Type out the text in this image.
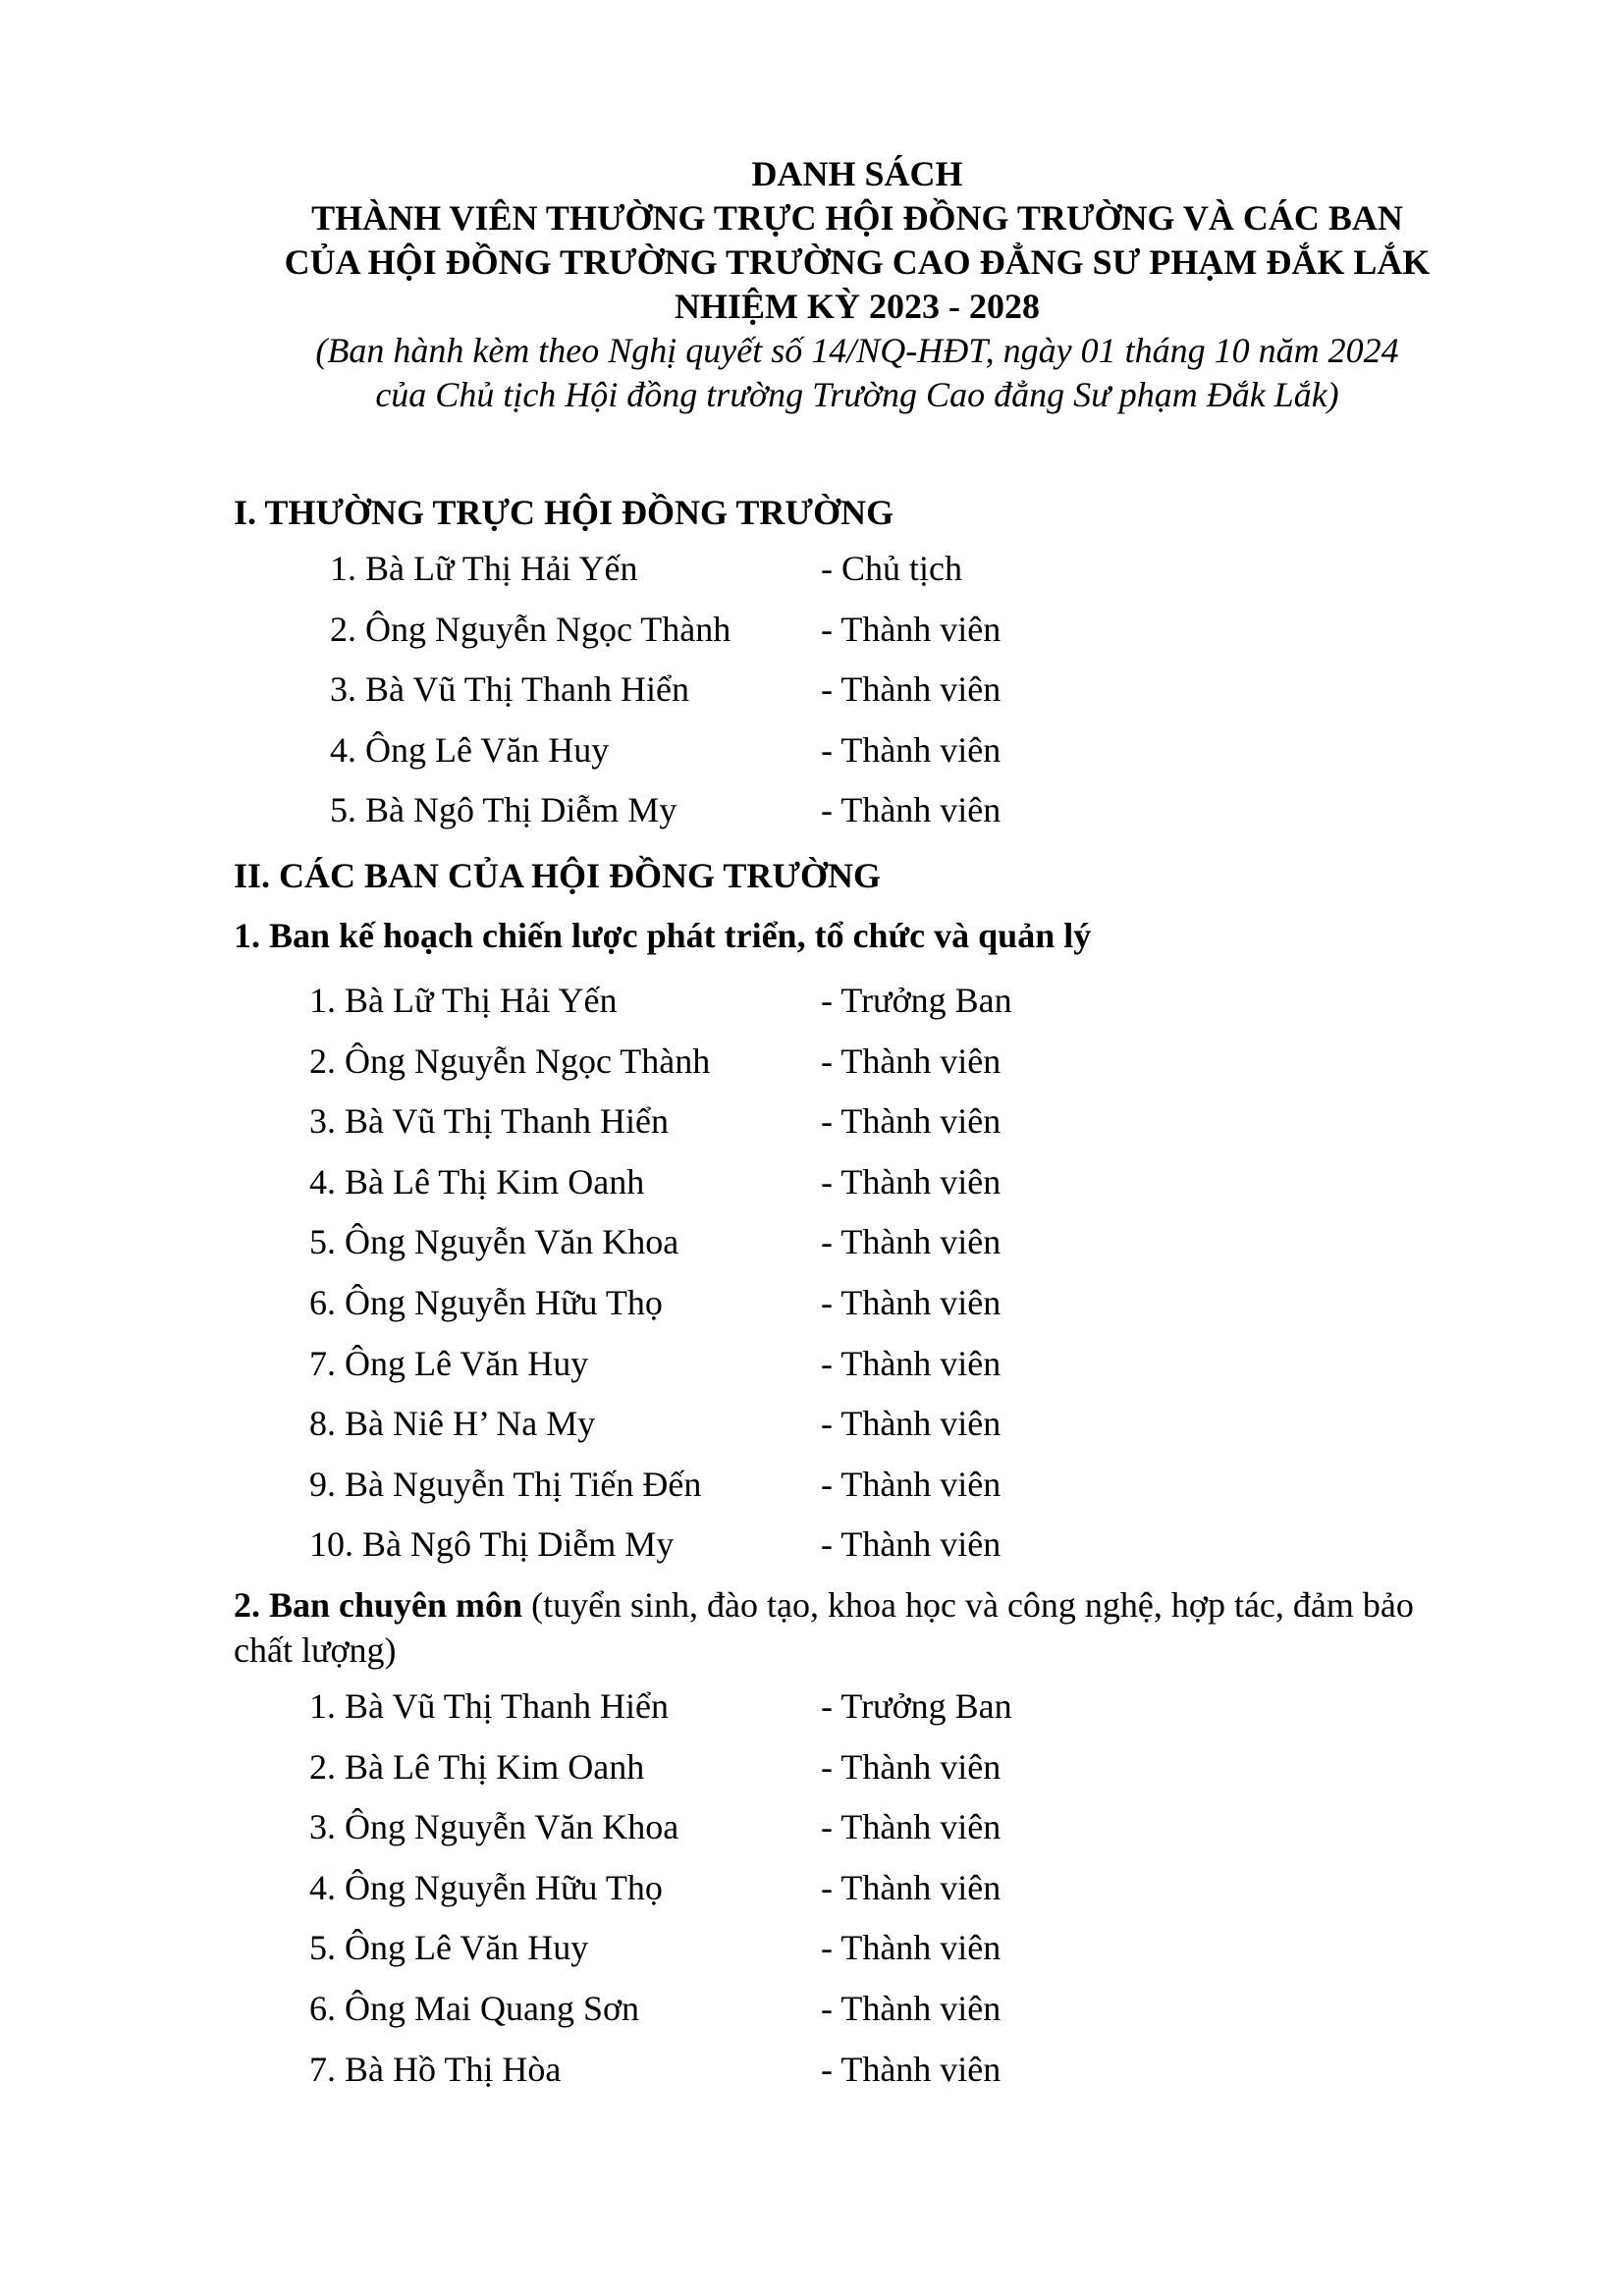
DANH SÁCH
THÀNH VIÊN THƯỜNG TRỰC HỘI ĐỒNG TRƯỜNG VÀ CÁC BAN
CỦA HỘI ĐỒNG TRƯỜNG TRƯỜNG CAO ĐẲNG SƯ PHẠM ĐẮK LẮK
NHIỆM KỲ 2023 - 2028
(Ban hành kèm theo Nghị quyết số 14/NQ-HĐT, ngày 01 tháng 10 năm 2024
của Chủ tịch Hội đồng trường Trường Cao đẳng Sư phạm Đắk Lắk)
I. THƯỜNG TRỰC HỘI ĐỒNG TRƯỜNG
1. Bà Lữ Thị Hải Yến	- Chủ tịch
2. Ông Nguyễn Ngọc Thành	- Thành viên
3. Bà Vũ Thị Thanh Hiển	- Thành viên
4. Ông Lê Văn Huy	- Thành viên
5. Bà Ngô Thị Diễm My	- Thành viên
II. CÁC BAN CỦA HỘI ĐỒNG TRƯỜNG
1. Ban kế hoạch chiến lược phát triển, tổ chức và quản lý
1. Bà Lữ Thị Hải Yến	- Trưởng Ban
2. Ông Nguyễn Ngọc Thành	- Thành viên
3. Bà Vũ Thị Thanh Hiển	- Thành viên
4. Bà Lê Thị Kim Oanh	- Thành viên
5. Ông Nguyễn Văn Khoa	- Thành viên
6. Ông Nguyễn Hữu Thọ	- Thành viên
7. Ông Lê Văn Huy	- Thành viên
8. Bà Niê H’ Na My	- Thành viên
9. Bà Nguyễn Thị Tiến Đến	- Thành viên
10. Bà Ngô Thị Diễm My	- Thành viên

2. Ban chuyên môn (tuyển sinh, đào tạo, khoa học và công nghệ, hợp tác, đảm bảo chất lượng)

1. Bà Vũ Thị Thanh Hiển	- Trưởng Ban
2. Bà Lê Thị Kim Oanh	- Thành viên
3. Ông Nguyễn Văn Khoa	- Thành viên
4. Ông Nguyễn Hữu Thọ	- Thành viên
5. Ông Lê Văn Huy	- Thành viên
6. Ông Mai Quang Sơn	- Thành viên
7. Bà Hồ Thị Hòa	- Thành viên
